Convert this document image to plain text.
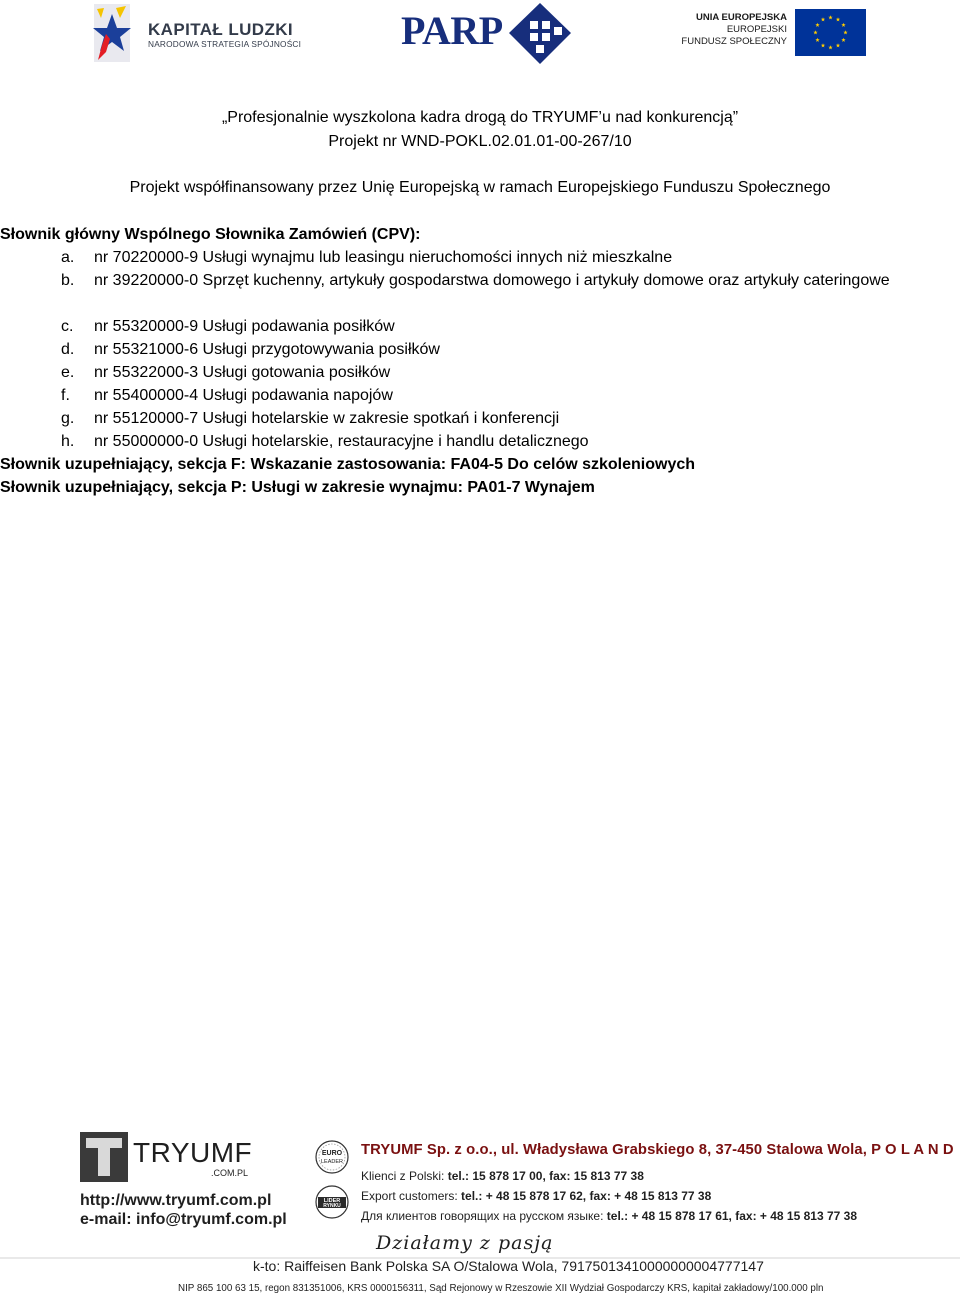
KAPITAŁ LUDZKI
NARODOWA STRATEGIA SPÓJNOŚCI PARP	UNIA EUROPEJSKA
EUROPEJSKI
FUNDUSZ SPOŁECZNY
„Profesjonalnie wyszkolona kadra drogą do TRYUMF’u nad konkurencją”
Projekt nr WND-POKL.02.01.01-00-267/10
Projekt współfinansowany przez Unię Europejską w ramach Europejskiego Funduszu Społecznego
Słownik główny Wspólnego Słownika Zamówień (CPV):
a. nr 70220000-9 Usługi wynajmu lub leasingu nieruchomości innych niż mieszkalne
b. nr 39220000-0 Sprzęt kuchenny, artykuły gospodarstwa domowego i artykuły domowe oraz artykuły cateringowe
c. nr 55320000-9 Usługi podawania posiłków
d. nr 55321000-6 Usługi przygotowywania posiłków
e. nr 55322000-3 Usługi gotowania posiłków
f. nr 55400000-4 Usługi podawania napojów
g. nr 55120000-7 Usługi hotelarskie w zakresie spotkań i konferencji
h. nr 55000000-0 Usługi hotelarskie, restauracyjne i handlu detalicznego
Słownik uzupełniający, sekcja F: Wskazanie zastosowania: FA04-5 Do celów szkoleniowych
Słownik uzupełniający, sekcja P: Usługi w zakresie wynajmu: PA01-7 Wynajem
TRYUMF
.COM.PL
http://www.tryumf.com.pl
e-mail: info@tryumf.com.pl
EURO
LEADER
LIDER
RYNKU
TRYUMF Sp. z o.o., ul. Władysława Grabskiego 8, 37-450 Stalowa Wola, P O L A N D
Klienci z Polski: tel.: 15 878 17 00, fax: 15 813 77 38
Export customers: tel.: + 48 15 878 17 62, fax: + 48 15 813 77 38
Для клиентов говорящих на русском языке: tel.: + 48 15 878 17 61, fax: + 48 15 813 77 38
Działamy z pasją
k-to: Raiffeisen Bank Polska SA O/Stalowa Wola, 79175013410000000004777147
NIP 865 100 63 15, regon 831351006, KRS 0000156311, Sąd Rejonowy w Rzeszowie XII Wydział Gospodarczy KRS, kapitał zakładowy/100.000 pln
